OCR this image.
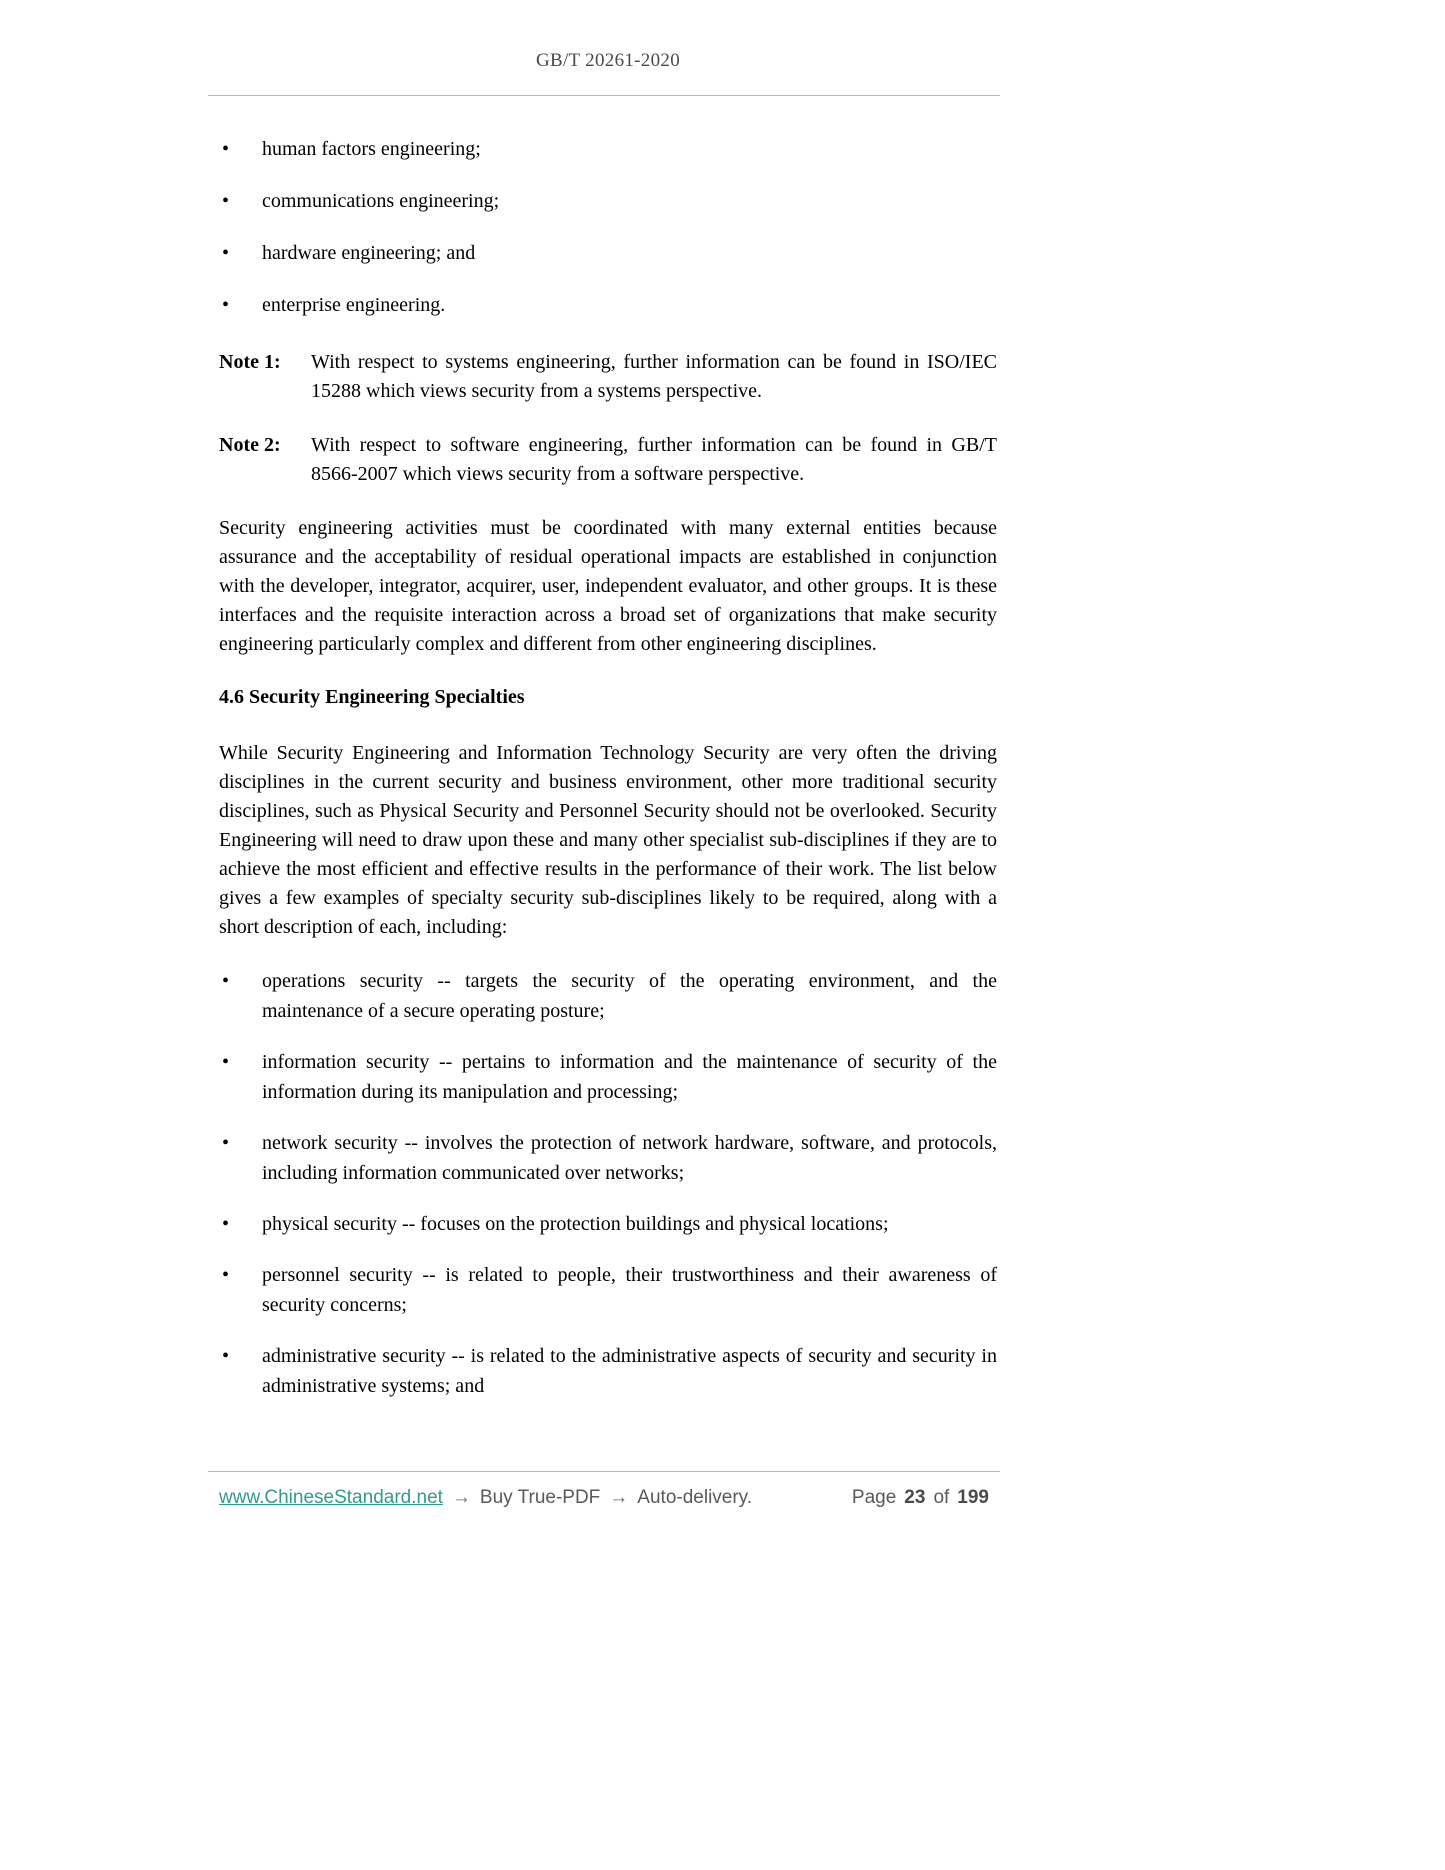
GB/T 20261-2020
•	human factors engineering;
•	communications engineering;
•	hardware engineering; and
•	enterprise engineering.
Note 1:	With respect to systems engineering, further information can be found in ISO/IEC 15288 which views security from a systems perspective.
Note 2:	With respect to software engineering, further information can be found in GB/T 8566-2007 which views security from a software perspective.

Security engineering activities must be coordinated with many external entities because assurance and the acceptability of residual operational impacts are established in conjunction with the developer, integrator, acquirer, user, independent evaluator, and other groups. It is these interfaces and the requisite interaction across a broad set of organizations that make security engineering particularly complex and different from other engineering disciplines.

4.6 Security Engineering Specialties

While Security Engineering and Information Technology Security are very often the driving disciplines in the current security and business environment, other more traditional security disciplines, such as Physical Security and Personnel Security should not be overlooked. Security Engineering will need to draw upon these and many other specialist sub-disciplines if they are to achieve the most efficient and effective results in the performance of their work. The list below gives a few examples of specialty security sub-disciplines likely to be required, along with a short description of each, including:

•	operations security -- targets the security of the operating environment, and the maintenance of a secure operating posture;
•	information security -- pertains to information and the maintenance of security of the information during its manipulation and processing;
•	network security -- involves the protection of network hardware, software, and protocols, including information communicated over networks;
•	physical security -- focuses on the protection buildings and physical locations;
•	personnel security -- is related to people, their trustworthiness and their awareness of security concerns;
•	administrative security -- is related to the administrative aspects of security and security in administrative systems; and
www.ChineseStandard.net → Buy True-PDF → Auto-delivery.	Page 23 of 199
